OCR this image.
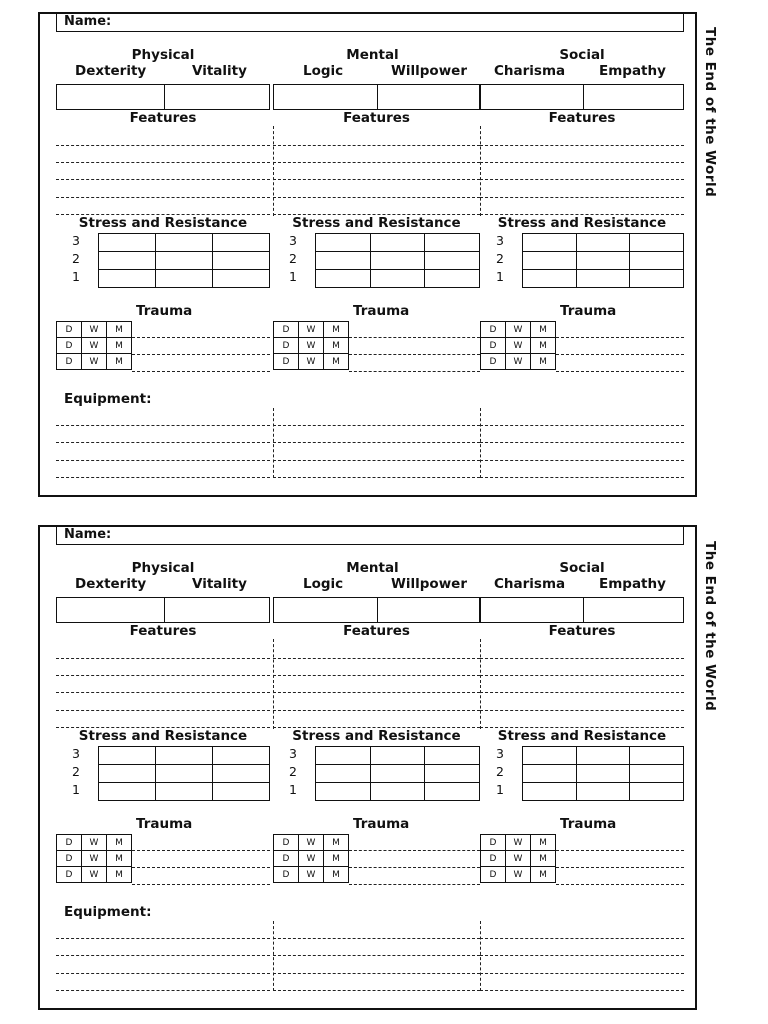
Name:
Physical
Dexterity	Vitality
Features
Stress and Resistance
3
2
1

Trauma
D	W	M
D	W	M
D	W	M
Mental
Logic	Willpower
Features
Stress and Resistance
3
2
1

Trauma
D	W	M
D	W	M
D	W	M
Social
Charisma	Empathy
Features
Stress and Resistance
3
2
1

Trauma
D	W	M
D	W	M
D	W	M
Equipment:
The End of the World
Name:
Physical
Dexterity	Vitality
Features
Stress and Resistance
3
2
1

Trauma
D	W	M
D	W	M
D	W	M
Mental
Logic	Willpower
Features
Stress and Resistance
3
2
1

Trauma
D	W	M
D	W	M
D	W	M
Social
Charisma	Empathy
Features
Stress and Resistance
3
2
1

Trauma
D	W	M
D	W	M
D	W	M
Equipment:
The End of the World
